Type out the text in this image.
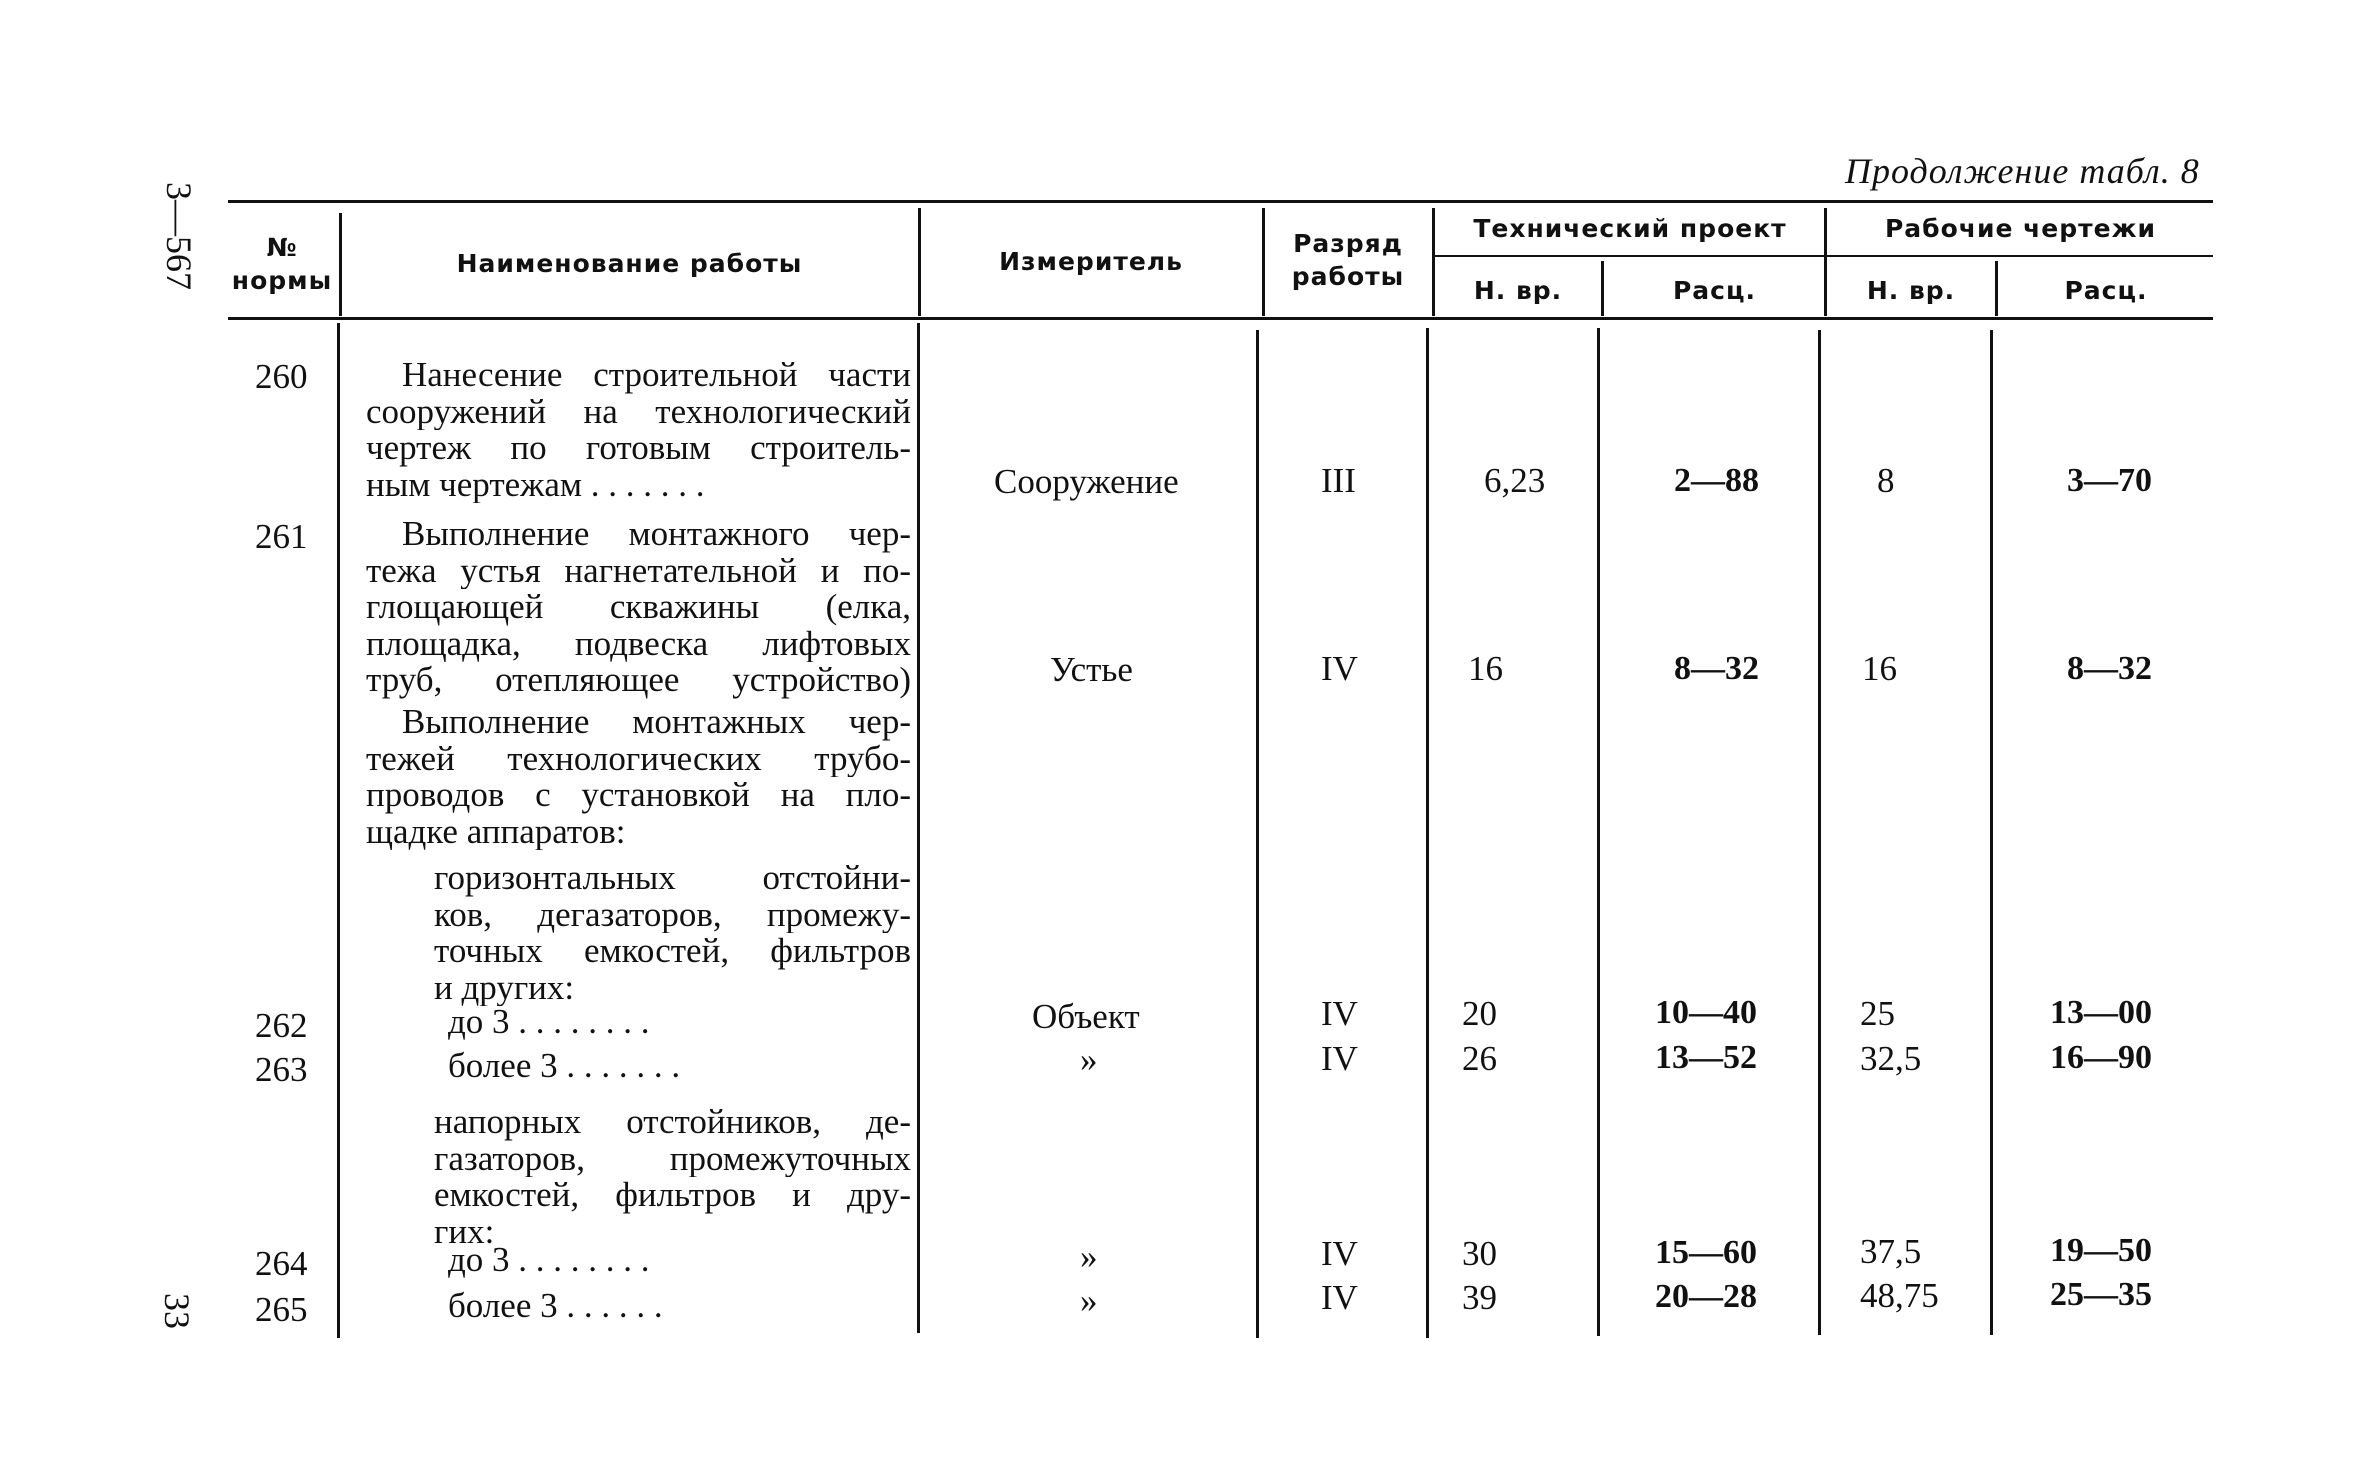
3—567
33
Продолжение табл. 8
№
нормы
Наименование работы	Измеритель
Разряд
работы
Технический проект	Рабочие чертежи
Н. вр.	Расц.	Н. вр.	Расц.
260	Нанесение строительной части
сооружений на технологический
чертеж по готовым строитель-
ным чертежам . . . . . . .	Сооружение	III	6,23	2—88	8	3—70
261	Выполнение монтажного чер-
тежа устья нагнетательной и по-
глощающей скважины (елка,
площадка, подвеска лифтовых
труб, отепляющее устройство)	Устье	IV	16	8—32	16	8—32
Выполнение монтажных чер-
тежей технологических трубо-
проводов с установкой на пло-
щадке аппаратов:
горизонтальных отстойни-
ков, дегазаторов, промежу-
точных емкостей, фильтров
и других:
262	до 3 . . . . . . . .	Объект	IV	20	10—40	25	13—00
263	более 3 . . . . . . .	»	IV	26	13—52	32,5	16—90
напорных отстойников, де-
газаторов, промежуточных
емкостей, фильтров и дру-
гих:
264	до 3 . . . . . . . .	»	IV	30	15—60	37,5	19—50
265	более 3 . . . . . .	»	IV	39	20—28	48,75	25—35
